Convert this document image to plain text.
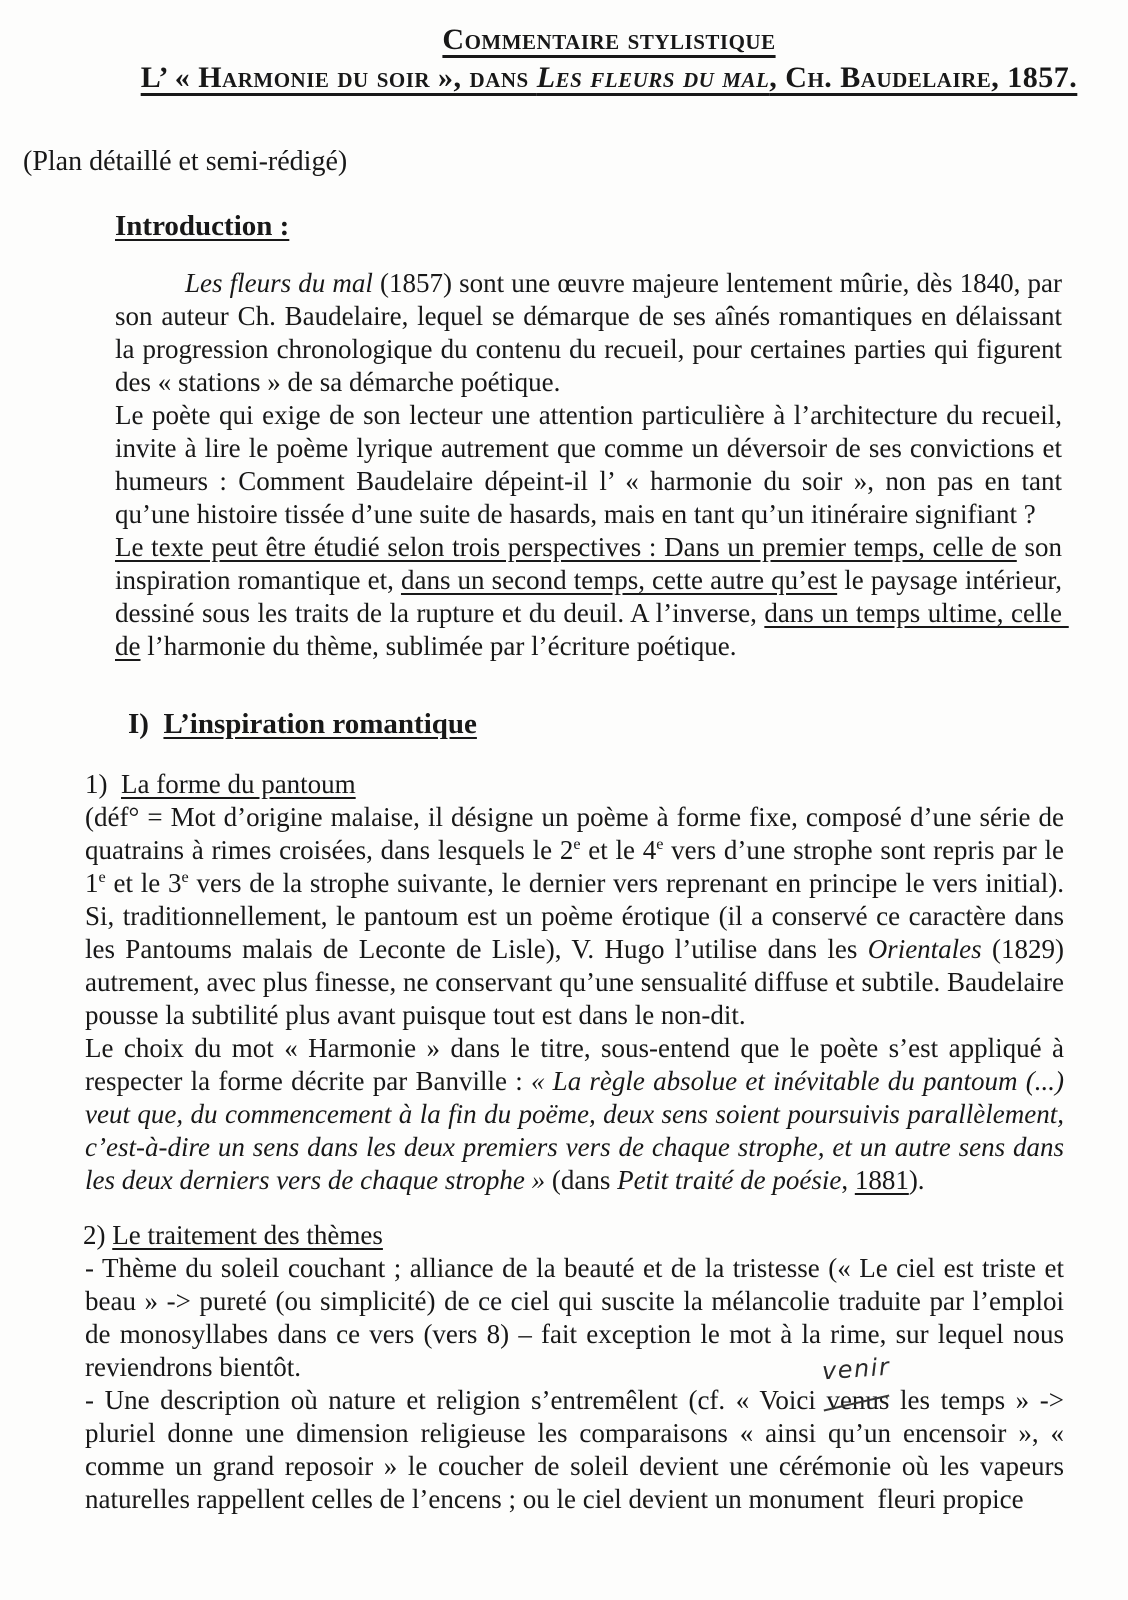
Commentaire stylistique
L’ « Harmonie du soir », dans Les fleurs du mal, Ch. Baudelaire, 1857.
(Plan détaillé et semi-rédigé)
Introduction :
Les fleurs du mal (1857) sont une œuvre majeure lentement mûrie, dès 1840, par son auteur Ch. Baudelaire, lequel se démarque de ses aînés romantiques en délaissant la progression chronologique du contenu du recueil, pour certaines parties qui figurent des « stations » de sa démarche poétique.
Le poète qui exige de son lecteur une attention particulière à l’architecture du recueil, invite à lire le poème lyrique autrement que comme un déversoir de ses convictions et humeurs : Comment Baudelaire dépeint-il l’ « harmonie du soir », non pas en tant qu’une histoire tissée d’une suite de hasards, mais en tant qu’un itinéraire signifiant ?
Le texte peut être étudié selon trois perspectives : Dans un premier temps, celle de son inspiration romantique et, dans un second temps, cette autre qu’est le paysage intérieur, dessiné sous les traits de la rupture et du deuil. A l’inverse, dans un temps ultime, celle de l’harmonie du thème, sublimée par l’écriture poétique.
I)  L’inspiration romantique
1)  La forme du pantoum
(déf° = Mot d’origine malaise, il désigne un poème à forme fixe, composé d’une série de quatrains à rimes croisées, dans lesquels le 2e et le 4e vers d’une strophe sont repris par le 1e et le 3e vers de la strophe suivante, le dernier vers reprenant en principe le vers initial). Si, traditionnellement, le pantoum est un poème érotique (il a conservé ce caractère dans les Pantoums malais de Leconte de Lisle), V. Hugo l’utilise dans les Orientales (1829) autrement, avec plus finesse, ne conservant qu’une sensualité diffuse et subtile. Baudelaire pousse la subtilité plus avant puisque tout est dans le non-dit.
Le choix du mot « Harmonie » dans le titre, sous-entend que le poète s’est appliqué à respecter la forme décrite par Banville : « La règle absolue et inévitable du pantoum (...) veut que, du commencement à la fin du poëme, deux sens soient poursuivis parallèlement, c’est-à-dire un sens dans les deux premiers vers de chaque strophe, et un autre sens dans les deux derniers vers de chaque strophe » (dans Petit traité de poésie, 1881).
2) Le traitement des thèmes
- Thème du soleil couchant ; alliance de la beauté et de la tristesse (« Le ciel est triste et beau » -> pureté (ou simplicité) de ce ciel qui suscite la mélancolie traduite par l’emploi de monosyllabes dans ce vers (vers 8) – fait exception le mot à la rime, sur lequel nous reviendrons bientôt.
- Une description où nature et religion s’entremêlent (cf. « Voici venus
venir
les temps » -> pluriel donne une dimension religieuse les comparaisons « ainsi qu’un encensoir », « comme un grand reposoir » le coucher de soleil devient une cérémonie où les vapeurs naturelles rappellent celles de l’encens ; ou le ciel devient un monument  fleuri propice
